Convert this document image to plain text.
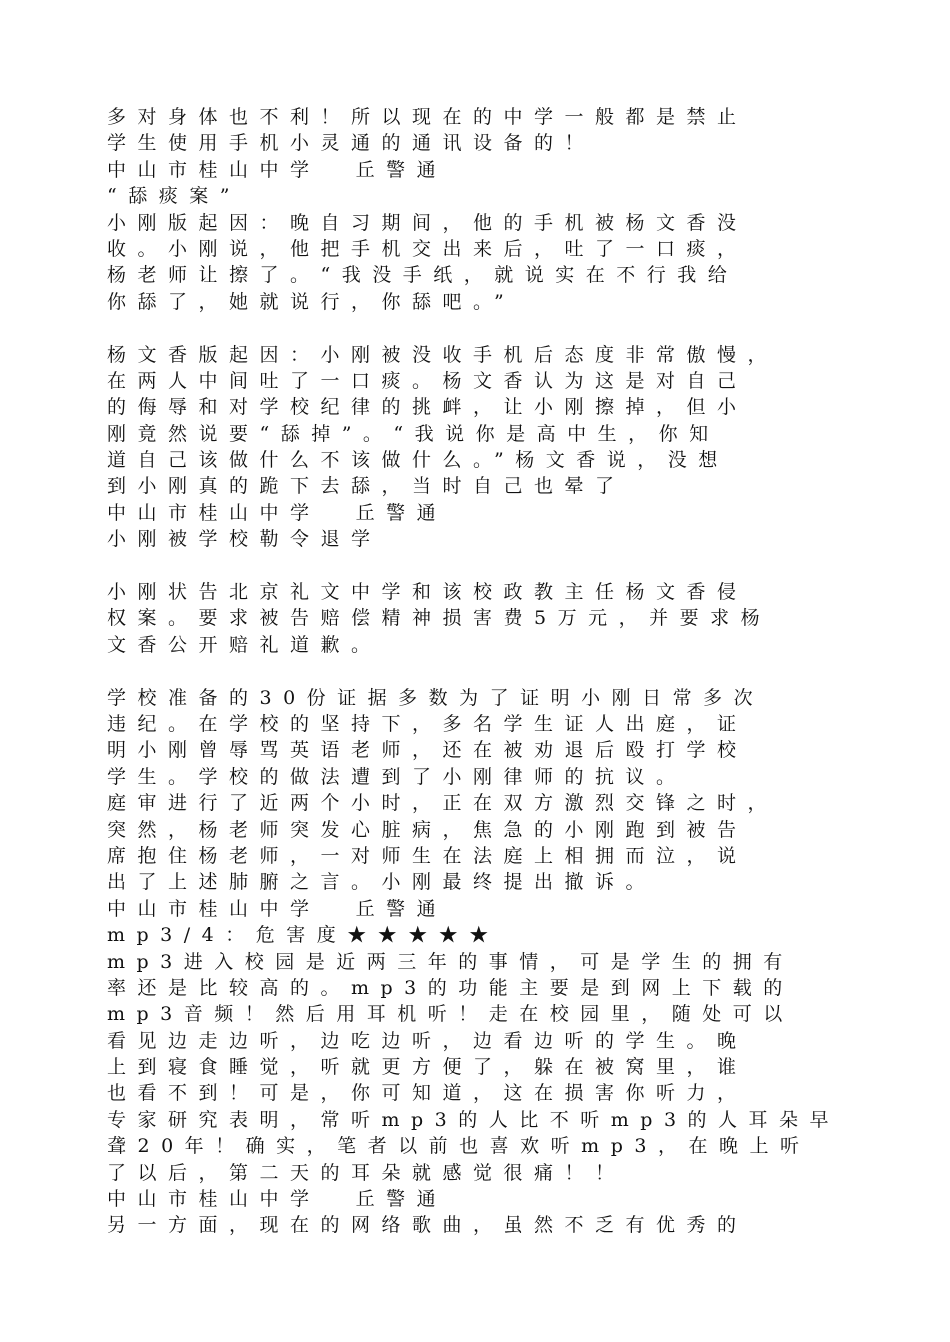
多对身体也不利！所以现在的中学一般都是禁止
学生使用手机小灵通的通讯设备的！
中山市桂山中学  丘警通
“舔痰案”
小刚版起因：晚自习期间，他的手机被杨文香没
收。小刚说，他把手机交出来后，吐了一口痰，
杨老师让擦了。“我没手纸，就说实在不行我给
你舔了，她就说行，你舔吧。”
杨文香版起因：小刚被没收手机后态度非常傲慢，
在两人中间吐了一口痰。杨文香认为这是对自己
的侮辱和对学校纪律的挑衅，让小刚擦掉，但小
刚竟然说要“舔掉”。“我说你是高中生，你知
道自己该做什么不该做什么。”杨文香说，没想
到小刚真的跪下去舔，当时自己也晕了
中山市桂山中学  丘警通
小刚被学校勒令退学
小刚状告北京礼文中学和该校政教主任杨文香侵
权案。要求被告赔偿精神损害费5万元，并要求杨
文香公开赔礼道歉。
学校准备的30份证据多数为了证明小刚日常多次
违纪。在学校的坚持下，多名学生证人出庭，证
明小刚曾辱骂英语老师，还在被劝退后殴打学校
学生。学校的做法遭到了小刚律师的抗议。
庭审进行了近两个小时，正在双方激烈交锋之时，
突然，杨老师突发心脏病，焦急的小刚跑到被告
席抱住杨老师，一对师生在法庭上相拥而泣，说
出了上述肺腑之言。小刚最终提出撤诉。
中山市桂山中学  丘警通
mp3/4：危害度★★★★★
mp3进入校园是近两三年的事情，可是学生的拥有
率还是比较高的。mp3的功能主要是到网上下载的
mp3音频！然后用耳机听！走在校园里，随处可以
看见边走边听，边吃边听，边看边听的学生。晚
上到寝食睡觉，听就更方便了，躲在被窝里，谁
也看不到！可是，你可知道，这在损害你听力，
专家研究表明，常听mp3的人比不听mp3的人耳朵早
聋20年！确实，笔者以前也喜欢听mp3，在晚上听
了以后，第二天的耳朵就感觉很痛！！
中山市桂山中学  丘警通
另一方面，现在的网络歌曲，虽然不乏有优秀的
